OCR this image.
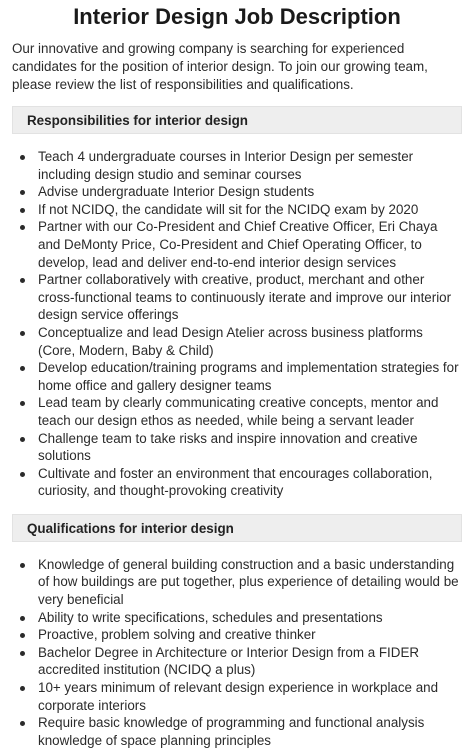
Interior Design Job Description

Our innovative and growing company is searching for experienced candidates for the position of interior design. To join our growing team, please review the list of responsibilities and qualifications.

Responsibilities for interior design
Teach 4 undergraduate courses in Interior Design per semester including design studio and seminar courses
Advise undergraduate Interior Design students
If not NCIDQ, the candidate will sit for the NCIDQ exam by 2020
Partner with our Co-President and Chief Creative Officer, Eri Chaya and DeMonty Price, Co-President and Chief Operating Officer, to develop, lead and deliver end-to-end interior design services
Partner collaboratively with creative, product, merchant and other cross-functional teams to continuously iterate and improve our interior design service offerings
Conceptualize and lead Design Atelier across business platforms (Core, Modern, Baby & Child)
Develop education/training programs and implementation strategies for home office and gallery designer teams
Lead team by clearly communicating creative concepts, mentor and teach our design ethos as needed, while being a servant leader
Challenge team to take risks and inspire innovation and creative solutions
Cultivate and foster an environment that encourages collaboration, curiosity, and thought-provoking creativity
Qualifications for interior design
Knowledge of general building construction and a basic understanding of how buildings are put together, plus experience of detailing would be very beneficial
Ability to write specifications, schedules and presentations
Proactive, problem solving and creative thinker
Bachelor Degree in Architecture or Interior Design from a FIDER accredited institution (NCIDQ a plus)
10+ years minimum of relevant design experience in workplace and corporate interiors
Require basic knowledge of programming and functional analysis knowledge of space planning principles
